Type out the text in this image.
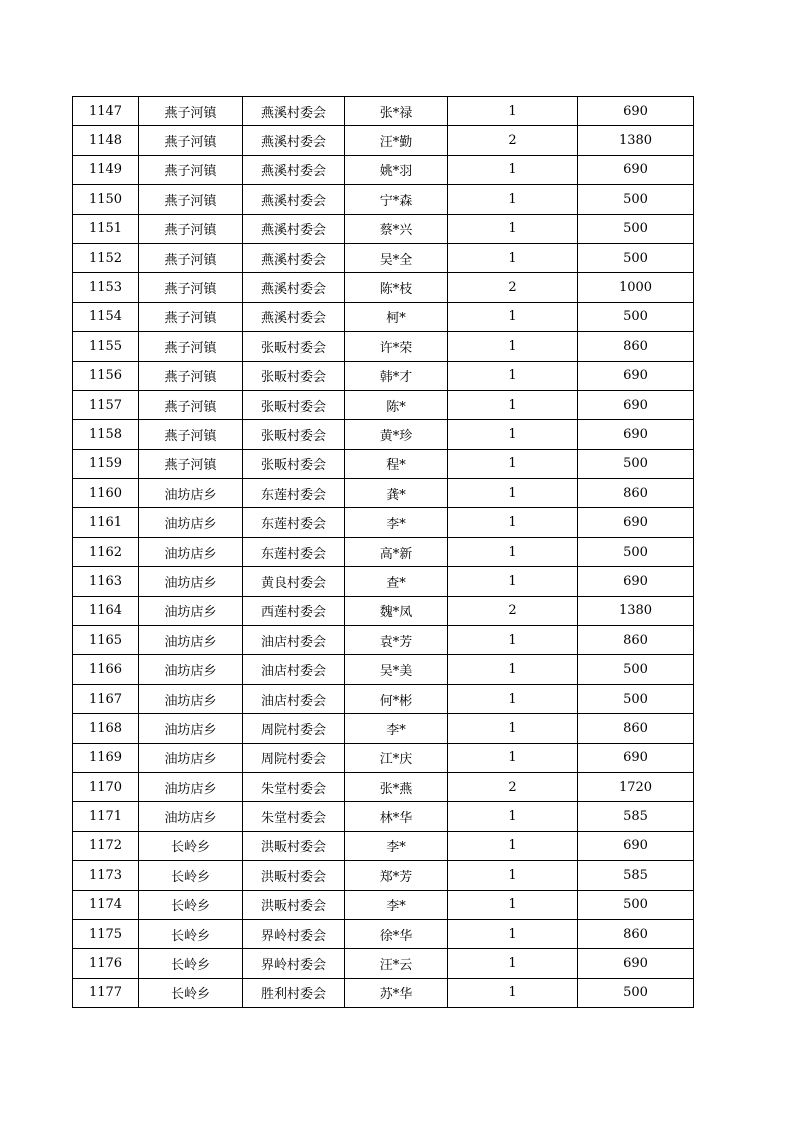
1147	燕子河镇	燕溪村委会	张*禄	1	690
1148	燕子河镇	燕溪村委会	汪*勤	2	1380
1149	燕子河镇	燕溪村委会	姚*羽	1	690
1150	燕子河镇	燕溪村委会	宁*森	1	500
1151	燕子河镇	燕溪村委会	蔡*兴	1	500
1152	燕子河镇	燕溪村委会	吴*全	1	500
1153	燕子河镇	燕溪村委会	陈*枝	2	1000
1154	燕子河镇	燕溪村委会	柯*	1	500
1155	燕子河镇	张畈村委会	许*荣	1	860
1156	燕子河镇	张畈村委会	韩*才	1	690
1157	燕子河镇	张畈村委会	陈*	1	690
1158	燕子河镇	张畈村委会	黄*珍	1	690
1159	燕子河镇	张畈村委会	程*	1	500
1160	油坊店乡	东莲村委会	龚*	1	860
1161	油坊店乡	东莲村委会	李*	1	690
1162	油坊店乡	东莲村委会	高*新	1	500
1163	油坊店乡	黄良村委会	查*	1	690
1164	油坊店乡	西莲村委会	魏*凤	2	1380
1165	油坊店乡	油店村委会	袁*芳	1	860
1166	油坊店乡	油店村委会	吴*美	1	500
1167	油坊店乡	油店村委会	何*彬	1	500
1168	油坊店乡	周院村委会	李*	1	860
1169	油坊店乡	周院村委会	江*庆	1	690
1170	油坊店乡	朱堂村委会	张*燕	2	1720
1171	油坊店乡	朱堂村委会	林*华	1	585
1172	长岭乡	洪畈村委会	李*	1	690
1173	长岭乡	洪畈村委会	郑*芳	1	585
1174	长岭乡	洪畈村委会	李*	1	500
1175	长岭乡	界岭村委会	徐*华	1	860
1176	长岭乡	界岭村委会	汪*云	1	690
1177	长岭乡	胜利村委会	苏*华	1	500
